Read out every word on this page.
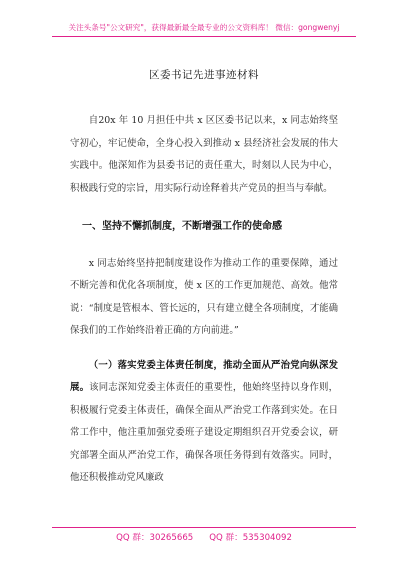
关注头条号"公文研究"，获得最新最全最专业的公文资料库！ 微信：gongwenyj
区委书记先进事迹材料

自20x 年 10 月担任中共 x 区区委书记以来，x 同志始终坚守初心，牢记使命，全身心投入到推动 x 县经济社会发展的伟大实践中。他深知作为县委书记的责任重大，时刻以人民为中心，积极践行党的宗旨，用实际行动诠释着共产党员的担当与奉献。

一、坚持不懈抓制度，不断增强工作的使命感

x 同志始终坚持把制度建设作为推动工作的重要保障，通过不断完善和优化各项制度，使 x 区的工作更加规范、高效。他常说：“制度是管根本、管长远的，只有建立健全各项制度，才能确保我们的工作始终沿着正确的方向前进。”

（一）落实党委主体责任制度，推动全面从严治党向纵深发展。该同志深知党委主体责任的重要性，他始终坚持以身作则，积极履行党委主体责任，确保全面从严治党工作落到实处。在日常工作中，他注重加强党委班子建设定期组织召开党委会议，研究部署全面从严治党工作，确保各项任务得到有效落实。同时，他还积极推动党风廉政

QQ 群：30265665 QQ 群：535304092
